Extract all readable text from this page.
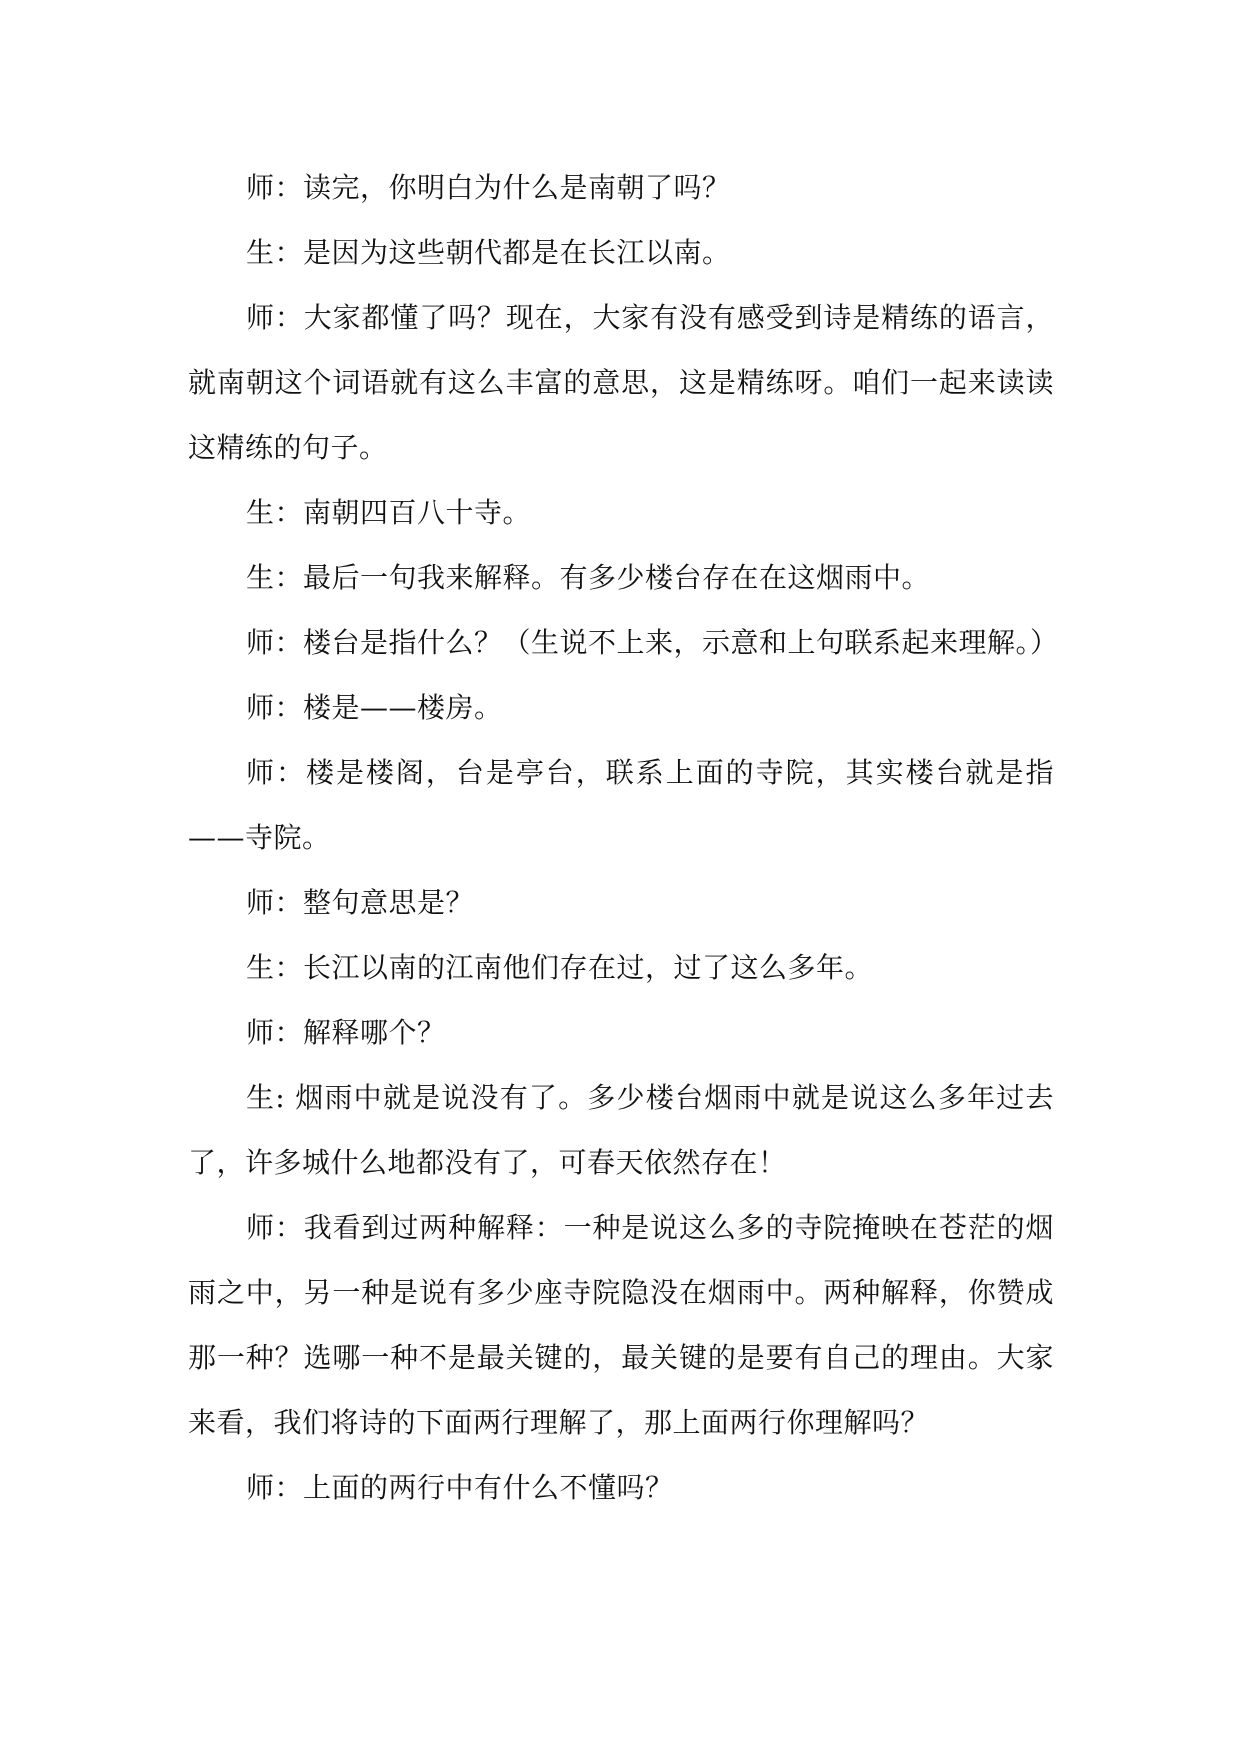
师：读完，你明白为什么是南朝了吗？

生：是因为这些朝代都是在长江以南。

师：大家都懂了吗？现在，大家有没有感受到诗是精练的语言，就南朝这个词语就有这么丰富的意思，这是精练呀。咱们一起来读读这精练的句子。

生：南朝四百八十寺。

生：最后一句我来解释。有多少楼台存在在这烟雨中。

师：楼台是指什么？（生说不上来，示意和上句联系起来理解。）

师：楼是——楼房。

师：楼是楼阁，台是亭台，联系上面的寺院，其实楼台就是指——寺院。

师：整句意思是？

生：长江以南的江南他们存在过，过了这么多年。

师：解释哪个？

生: 烟雨中就是说没有了。多少楼台烟雨中就是说这么多年过去了，许多城什么地都没有了，可春天依然存在！

师：我看到过两种解释：一种是说这么多的寺院掩映在苍茫的烟雨之中，另一种是说有多少座寺院隐没在烟雨中。两种解释，你赞成那一种？选哪一种不是最关键的，最关键的是要有自己的理由。大家来看，我们将诗的下面两行理解了，那上面两行你理解吗？

师：上面的两行中有什么不懂吗？
